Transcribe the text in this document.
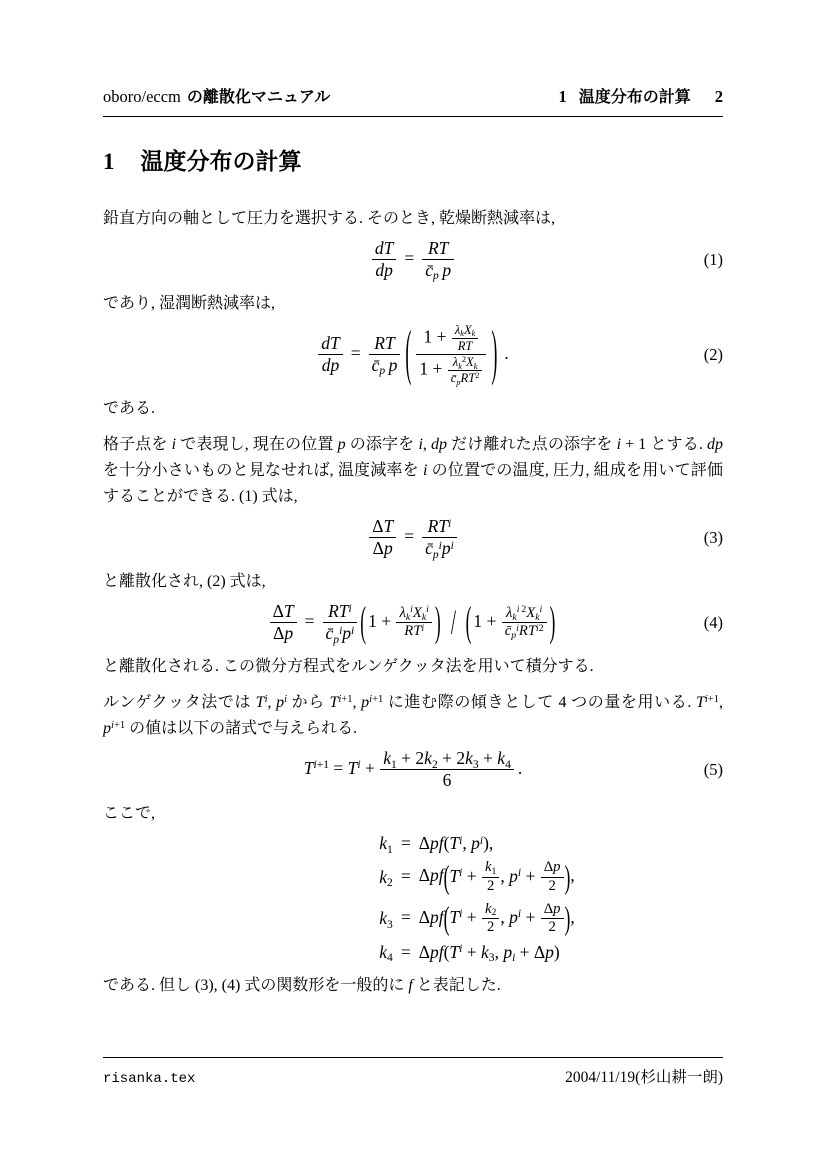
oboro/eccm の離散化マニュアル	1 温度分布の計算 2
1 温度分布の計算

鉛直方向の軸として圧力を選択する. そのとき, 乾燥断熱減率は,

$\frac{dT}{dp} = \frac{RT}{c̄_p p}$	(1)

であり, 湿潤断熱減率は,

$\frac{dT}{dp} = \frac{RT}{c̄_p p}$ ( $1 + \lambda_kX_k$
RT
$1 + \lambda_k^2X_k$
$c̄_pRT^2$ ) .	(2)

である.

格子点を i で表現し, 現在の位置 p の添字を i, dp だけ離れた点の添字を i + 1 とする. dp を十分小さいものと見なせれば, 温度減率を i の位置での温度, 圧力, 組成を用いて評価することができる. (1) 式は,

$\frac{\Delta T}{\Delta p} = RT^i$
$c̄_p^ip^i$	(3)

と離散化され, (2) 式は,

$\frac{\Delta T}{\Delta p} = RT^i$
$c̄_p^ip^i$ ( $1 + \lambda_k^iX_k^i$
$RT^i$ ) / ( $1 + \lambda_k^{i 2}X_k^i$
$c̄_p^iRT^{i2}$ )	(4)

と離散化される. この微分方程式をルンゲクッタ法を用いて積分する.

ルンゲクッタ法では $T^i$, $p^i$ から $T^{i+1}$, $p^{i+1}$ に進む際の傾きとして 4 つの量を用いる. $T^{i+1}$, $p^{i+1}$ の値は以下の諸式で与えられる.

$T^{i+1} = T^i + \frac{k_1 + 2k_2 + 2k_3 + k_4}{6}$ .	(5)

ここで,

$k_1 = \Delta pf(T^i$, $p^i$),
$k_2 = \Delta pf(T^i + \frac{k_1}{2}$ , $p^i + \frac{\Delta p}{2}$ ),
$k_3 = \Delta pf(T^i + \frac{k_2}{2}$ , $p^i + \frac{\Delta p}{2}$ ),
$k_4 = \Delta pf(T^i + k_3$, $p_i + \Delta p$)

である. 但し (3), (4) 式の関数形を一般的に f と表記した.

risanka.tex	2004/11/19(杉山耕一朗)
